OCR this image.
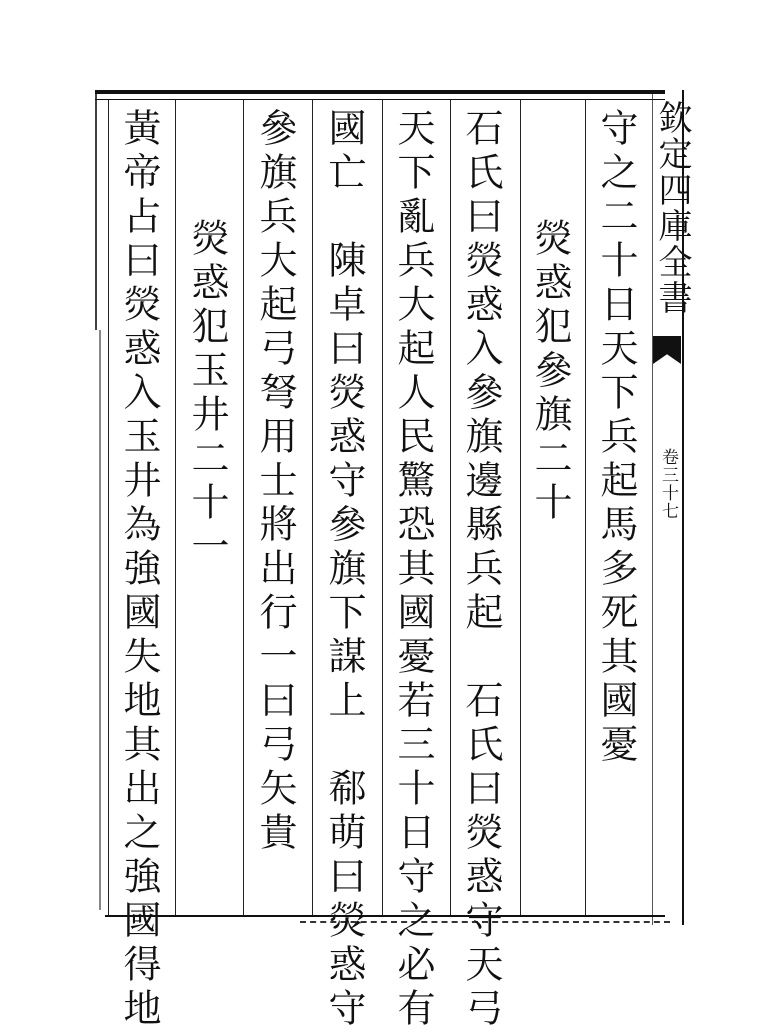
欽定四庫全書
卷三十七
守之二十日天下兵起馬多死其國憂
熒惑犯參旗二十
石氏曰熒惑入參旗邊縣兵起　石氏曰熒惑守天弓
天下亂兵大起人民驚恐其國憂若三十日守之必有
國亡　陳卓曰熒惑守參旗下謀上　郗萌曰熒惑守
參旗兵大起弓弩用士將出行一曰弓矢貴
熒惑犯玉井二十一
黃帝占曰熒惑入玉井為強國失地其出之強國得地
